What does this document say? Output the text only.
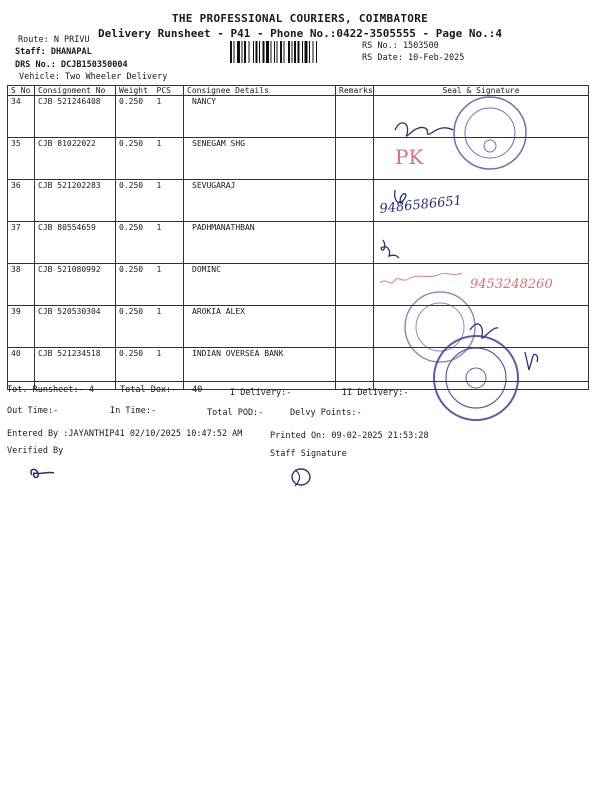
THE PROFESSIONAL COURIERS, COIMBATORE
Delivery Runsheet - P41 - Phone No.:0422-3505555 - Page No.:4
Route: N PRIVU
Staff: DHANAPAL
DRS No.: DCJB150350004
Vehicle: Two Wheeler Delivery
RS No.: 1503500
RS Date: 10-Feb-2025
S No	Consignment No	Weight	PCS	Consignee Details	Remarks	Seal & Signature
34	CJB 521246408	0.250	1	NANCY		
35	CJB 81022022	0.250	1	SENEGAM SHG		
36	CJB 521202283	0.250	1	SEVUGARAJ		
37	CJB 80554659	0.250	1	PADHMANATHBAN		
38	CJB 521080992	0.250	1	DOMINC		
39	CJB 520530304	0.250	1	AROKIA ALEX		
40	CJB 521234518	0.250	1	INDIAN OVERSEA BANK		
PK
9486586651
9453248260
Tot. Runsheet:- 4	Total Dox:- 40	I Delivery:-	II Delivery:-
Out Time:-	In Time:-	Total POD:-	Delvy Points:-
Entered By :JAYANTHIP41 02/10/2025 10:47:52 AM	Printed On: 09-02-2025 21:53:28
Verified By	Staff Signature
